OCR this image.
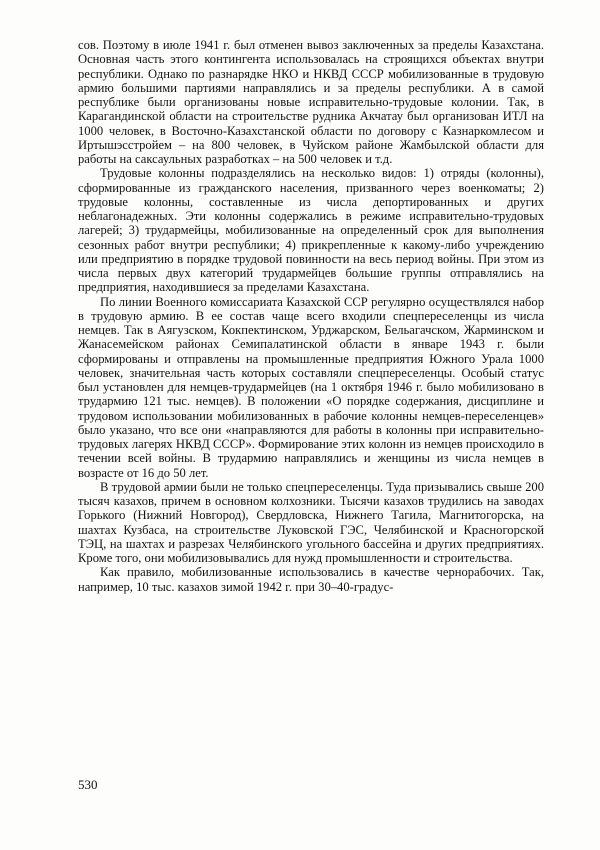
сов. Поэтому в июле 1941 г. был отменен вывоз заключенных за пределы Казахстана. Основная часть этого контингента использовалась на строящихся объектах внутри республики. Однако по разнарядке НКО и НКВД СССР мобилизованные в трудовую армию большими партиями направлялись и за пределы республики. А в самой республике были организованы новые исправительно-трудовые колонии. Так, в Карагандинской области на строительстве рудника Акчатау был организован ИТЛ на 1000 человек, в Восточно-Казахстанской области по договору с Казнаркомлесом и Иртышэсстройем – на 800 человек, в Чуйском районе Жамбылской области для работы на саксаульных разработках – на 500 человек и т.д.

Трудовые колонны подразделялись на несколько видов: 1) отряды (колонны), сформированные из гражданского населения, призванного через военкоматы; 2) трудовые колонны, составленные из числа депортированных и других неблагонадежных. Эти колонны содержались в режиме исправительно-трудовых лагерей; 3) трудармейцы, мобилизованные на определенный срок для выполнения сезонных работ внутри республики; 4) прикрепленные к какому-либо учреждению или предприятию в порядке трудовой повинности на весь период войны. При этом из числа первых двух категорий трудармейцев большие группы отправлялись на предприятия, находившиеся за пределами Казахстана.

По линии Военного комиссариата Казахской ССР регулярно осуществлялся набор в трудовую армию. В ее состав чаще всего входили спецпереселенцы из числа немцев. Так в Аягузском, Кокпектинском, Урджарском, Бельагачском, Жарминском и Жанасемейском районах Семипалатинской области в январе 1943 г. были сформированы и отправлены на промышленные предприятия Южного Урала 1000 человек, значительная часть которых составляли спецпереселенцы. Особый статус был установлен для немцев-трудармейцев (на 1 октября 1946 г. было мобилизовано в трудармию 121 тыс. немцев). В положении «О порядке содержания, дисциплине и трудовом использовании мобилизованных в рабочие колонны немцев-переселенцев» было указано, что все они «направляются для работы в колонны при исправительно-трудовых лагерях НКВД СССР». Формирование этих колонн из немцев происходило в течении всей войны. В трудармию направлялись и женщины из числа немцев в возрасте от 16 до 50 лет.

В трудовой армии были не только спецпереселенцы. Туда призывались свыше 200 тысяч казахов, причем в основном колхозники. Тысячи казахов трудились на заводах Горького (Нижний Новгород), Свердловска, Нижнего Тагила, Магнитогорска, на шахтах Кузбаса, на строительстве Луковской ГЭС, Челябинской и Красногорской ТЭЦ, на шахтах и разрезах Челябинского угольного бассейна и других предприятиях. Кроме того, они мобилизовывались для нужд промышленности и строительства.

Как правило, мобилизованные использовались в качестве чернорабочих. Так, например, 10 тыс. казахов зимой 1942 г. при 30–40-градус-

530
